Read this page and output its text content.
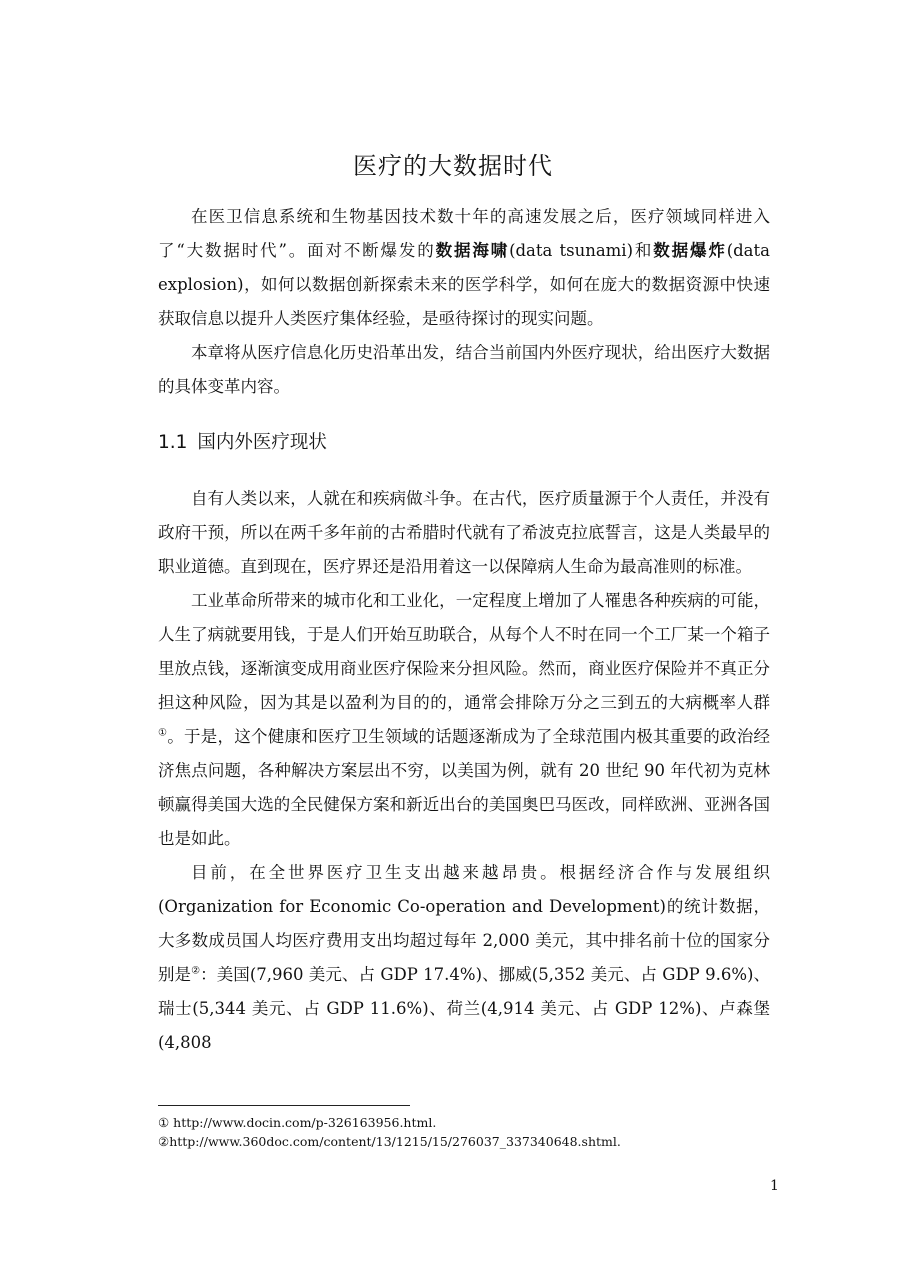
医疗的大数据时代

在医卫信息系统和生物基因技术数十年的高速发展之后，医疗领域同样进入了“大数据时代”。面对不断爆发的数据海啸(data tsunami)和数据爆炸(data explosion)，如何以数据创新探索未来的医学科学，如何在庞大的数据资源中快速获取信息以提升人类医疗集体经验，是亟待探讨的现实问题。

本章将从医疗信息化历史沿革出发，结合当前国内外医疗现状，给出医疗大数据的具体变革内容。

1.1 国内外医疗现状

自有人类以来，人就在和疾病做斗争。在古代，医疗质量源于个人责任，并没有政府干预，所以在两千多年前的古希腊时代就有了希波克拉底誓言，这是人类最早的职业道德。直到现在，医疗界还是沿用着这一以保障病人生命为最高准则的标准。

工业革命所带来的城市化和工业化，一定程度上增加了人罹患各种疾病的可能，人生了病就要用钱，于是人们开始互助联合，从每个人不时在同一个工厂某一个箱子里放点钱，逐渐演变成用商业医疗保险来分担风险。然而，商业医疗保险并不真正分担这种风险，因为其是以盈利为目的的，通常会排除万分之三到五的大病概率人群①。于是，这个健康和医疗卫生领域的话题逐渐成为了全球范围内极其重要的政治经济焦点问题，各种解决方案层出不穷，以美国为例，就有 20 世纪 90 年代初为克林顿赢得美国大选的全民健保方案和新近出台的美国奥巴马医改，同样欧洲、亚洲各国也是如此。

目前，在全世界医疗卫生支出越来越昂贵。根据经济合作与发展组织(Organization for Economic Co-operation and Development)的统计数据，大多数成员国人均医疗费用支出均超过每年 2,000 美元，其中排名前十位的国家分别是②：美国(7,960 美元、占 GDP 17.4%)、挪威(5,352 美元、占 GDP 9.6%)、瑞士(5,344 美元、占 GDP 11.6%)、荷兰(4,914 美元、占 GDP 12%)、卢森堡(4,808

① http://www.docin.com/p-326163956.html.
②http://www.360doc.com/content/13/1215/15/276037_337340648.shtml.
1
